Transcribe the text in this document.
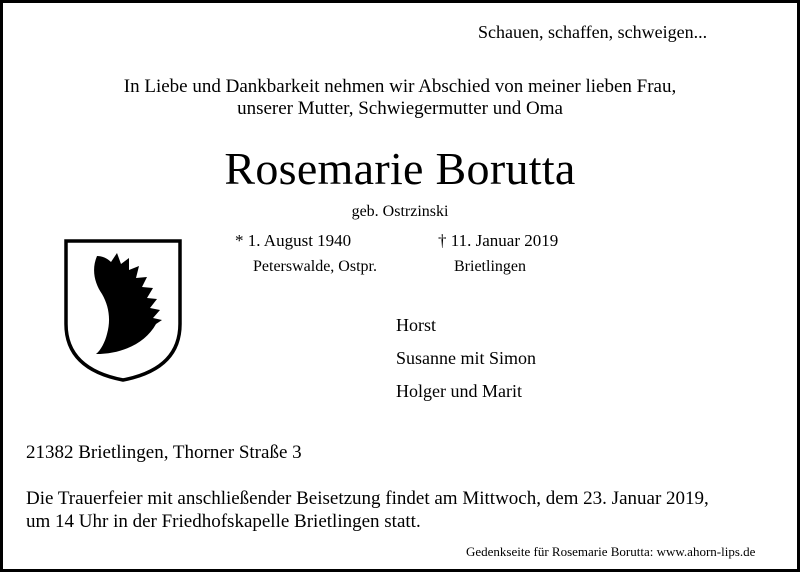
Schauen, schaffen, schweigen...
In Liebe und Dankbarkeit nehmen wir Abschied von meiner lieben Frau,
unserer Mutter, Schwiegermutter und Oma
Rosemarie Borutta
geb. Ostrzinski
* 1. August 1940
Peterswalde, Ostpr.
† 11. Januar 2019
Brietlingen
Horst
Susanne mit Simon
Holger und Marit
21382 Brietlingen, Thorner Straße 3
Die Trauerfeier mit anschließender Beisetzung findet am Mittwoch, dem 23. Januar 2019,
um 14 Uhr in der Friedhofskapelle Brietlingen statt.
Gedenkseite für Rosemarie Borutta: www.ahorn-lips.de
